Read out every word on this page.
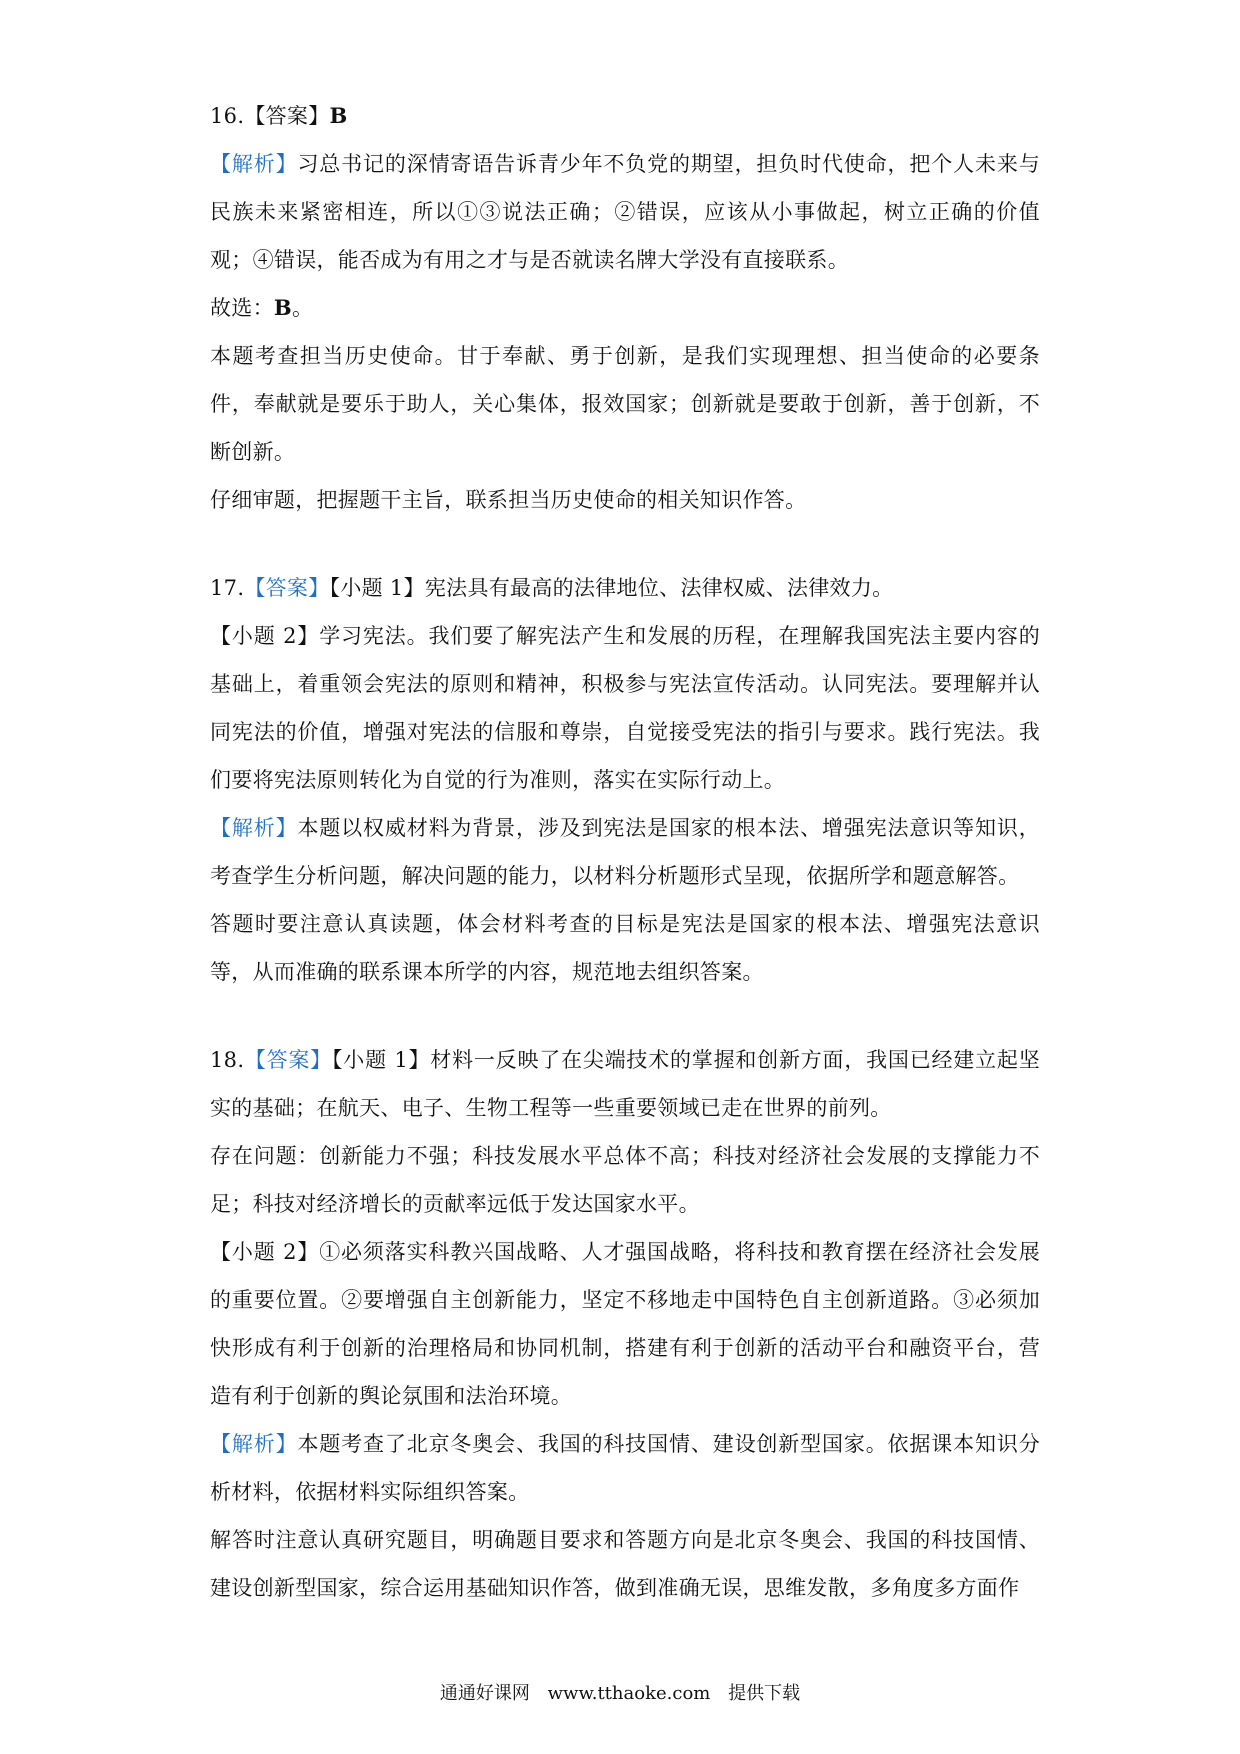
16.【答案】B

【解析】习总书记的深情寄语告诉青少年不负党的期望，担负时代使命，把个人未来与民族未来紧密相连，所以①③说法正确；②错误，应该从小事做起，树立正确的价值观；④错误，能否成为有用之才与是否就读名牌大学没有直接联系。

故选：B。

本题考查担当历史使命。甘于奉献、勇于创新，是我们实现理想、担当使命的必要条件，奉献就是要乐于助人，关心集体，报效国家；创新就是要敢于创新，善于创新，不断创新。

仔细审题，把握题干主旨，联系担当历史使命的相关知识作答。

17.【答案】【小题 1】宪法具有最高的法律地位、法律权威、法律效力。

【小题 2】学习宪法。我们要了解宪法产生和发展的历程，在理解我国宪法主要内容的基础上，着重领会宪法的原则和精神，积极参与宪法宣传活动。认同宪法。要理解并认同宪法的价值，增强对宪法的信服和尊崇，自觉接受宪法的指引与要求。践行宪法。我们要将宪法原则转化为自觉的行为准则，落实在实际行动上。

【解析】本题以权威材料为背景，涉及到宪法是国家的根本法、增强宪法意识等知识，考查学生分析问题，解决问题的能力，以材料分析题形式呈现，依据所学和题意解答。

答题时要注意认真读题，体会材料考查的目标是宪法是国家的根本法、增强宪法意识等，从而准确的联系课本所学的内容，规范地去组织答案。

18.【答案】【小题 1】材料一反映了在尖端技术的掌握和创新方面，我国已经建立起坚实的基础；在航天、电子、生物工程等一些重要领域已走在世界的前列。

存在问题：创新能力不强；科技发展水平总体不高；科技对经济社会发展的支撑能力不足；科技对经济增长的贡献率远低于发达国家水平。

【小题 2】①必须落实科教兴国战略、人才强国战略，将科技和教育摆在经济社会发展的重要位置。②要增强自主创新能力，坚定不移地走中国特色自主创新道路。③必须加快形成有利于创新的治理格局和协同机制，搭建有利于创新的活动平台和融资平台，营造有利于创新的舆论氛围和法治环境。

【解析】本题考查了北京冬奥会、我国的科技国情、建设创新型国家。依据课本知识分析材料，依据材料实际组织答案。

解答时注意认真研究题目，明确题目要求和答题方向是北京冬奥会、我国的科技国情、建设创新型国家，综合运用基础知识作答，做到准确无误，思维发散，多角度多方面作

通通好课网 www.tthaoke.com 提供下载
